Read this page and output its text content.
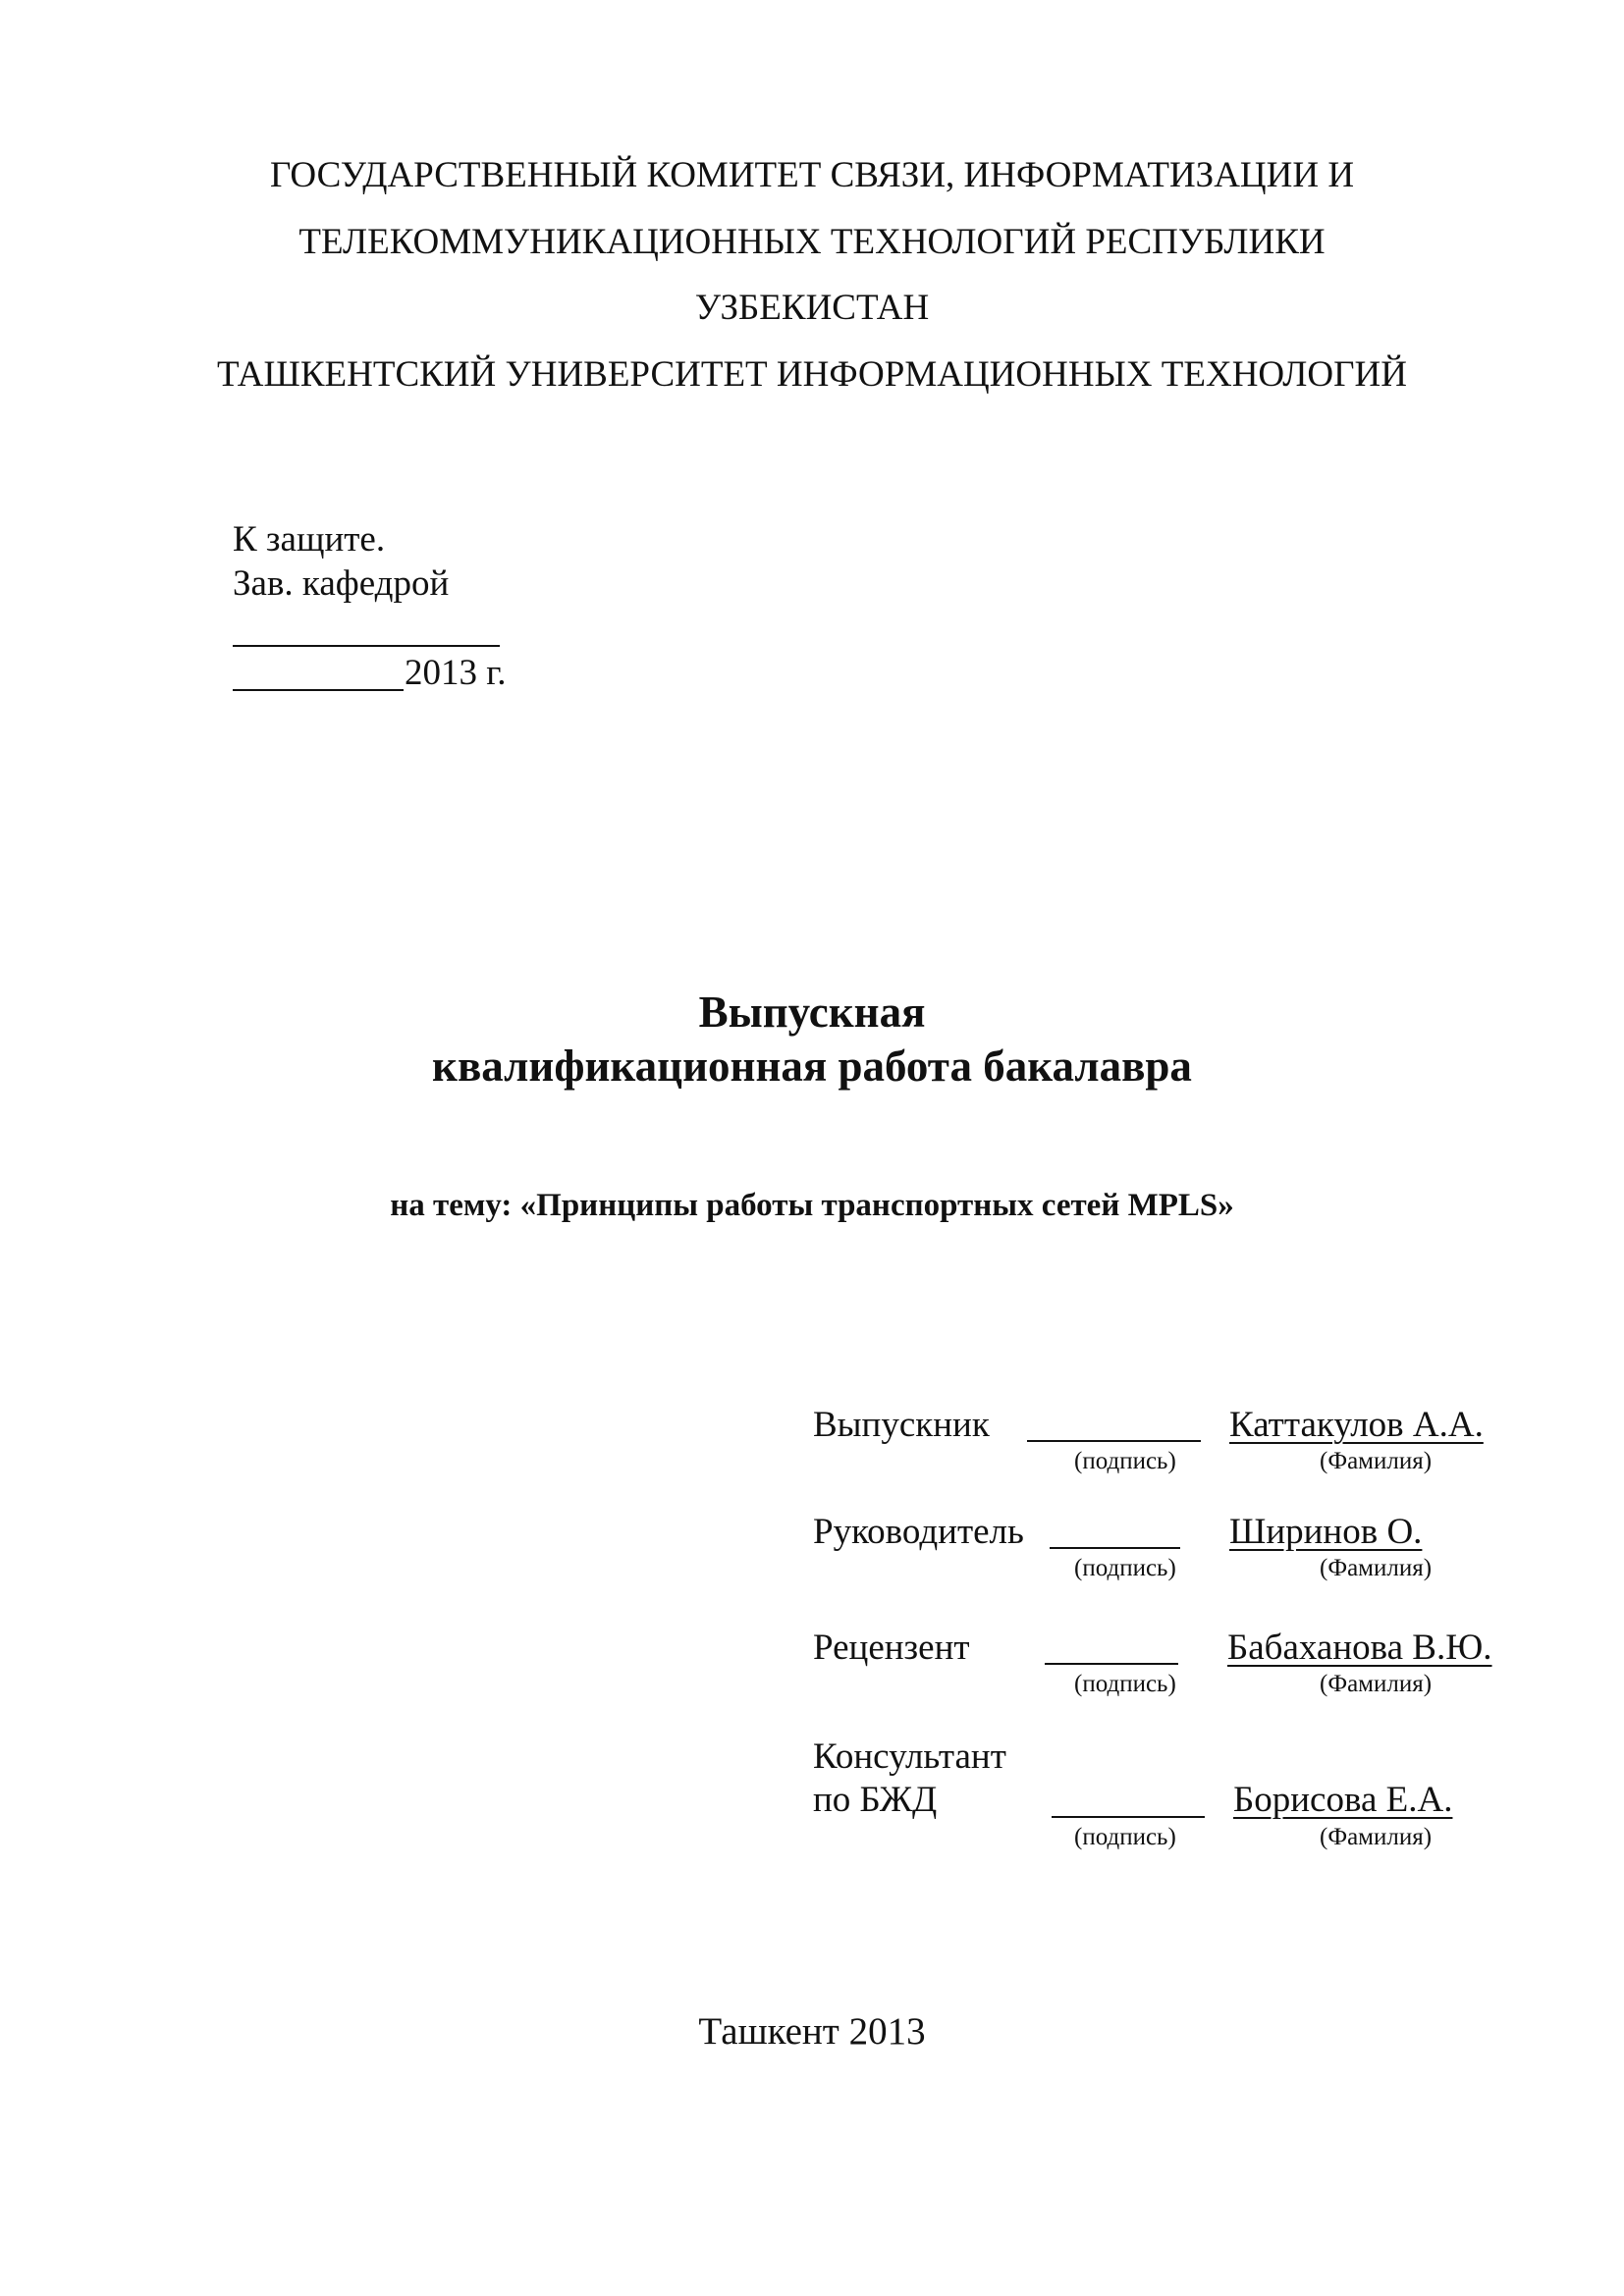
ГОСУДАРСТВЕННЫЙ КОМИТЕТ СВЯЗИ, ИНФОРМАТИЗАЦИИ И
ТЕЛЕКОММУНИКАЦИОННЫХ ТЕХНОЛОГИЙ РЕСПУБЛИКИ
УЗБЕКИСТАН
ТАШКЕНТСКИЙ УНИВЕРСИТЕТ ИНФОРМАЦИОННЫХ ТЕХНОЛОГИЙ
К защите.
Зав. кафедрой
2013 г.
Выпускная
квалификационная работа бакалавра
на тему: «Принципы работы транспортных сетей MPLS»
Выпускник	Каттакулов А.А.
(подпись)	(Фамилия)
Руководитель	Ширинов О.
(подпись)	(Фамилия)
Рецензент	Бабаханова В.Ю.
(подпись)	(Фамилия)
Консультант
по БЖД	Борисова Е.А.
(подпись)	(Фамилия)
Ташкент 2013
